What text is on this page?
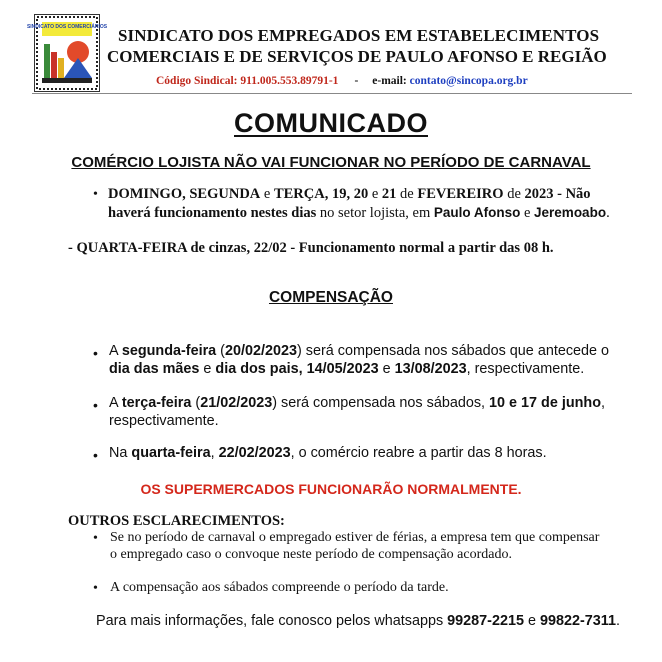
SINDICATO DOS COMERCIÁRIOS SINDICATO DOS EMPREGADOS EM ESTABELECIMENTOS
COMERCIAIS E DE SERVIÇOS DE PAULO AFONSO E REGIÃO
Código Sindical: 911.005.553.89791-1 - e-mail: contato@sincopa.org.br
COMUNICADO
COMÉRCIO LOJISTA NÃO VAI FUNCIONAR NO PERÍODO DE CARNAVAL
• DOMINGO, SEGUNDA e TERÇA, 19, 20 e 21 de FEVEREIRO de 2023 - Não
haverá funcionamento nestes dias no setor lojista, em Paulo Afonso e Jeremoabo.
- QUARTA-FEIRA de cinzas, 22/02 - Funcionamento normal a partir das 08 h.
COMPENSAÇÃO
• A segunda-feira (20/02/2023) será compensada nos sábados que antecede o
dia das mães e dia dos pais, 14/05/2023 e 13/08/2023, respectivamente.
• A terça-feira (21/02/2023) será compensada nos sábados, 10 e 17 de junho,
respectivamente.
• Na quarta-feira, 22/02/2023, o comércio reabre a partir das 8 horas.
OS SUPERMERCADOS FUNCIONARÃO NORMALMENTE.
OUTROS ESCLARECIMENTOS:
• Se no período de carnaval o empregado estiver de férias, a empresa tem que compensar
o empregado caso o convoque neste período de compensação acordado.
• A compensação aos sábados compreende o período da tarde.
Para mais informações, fale conosco pelos whatsapps 99287-2215 e 99822-7311.
